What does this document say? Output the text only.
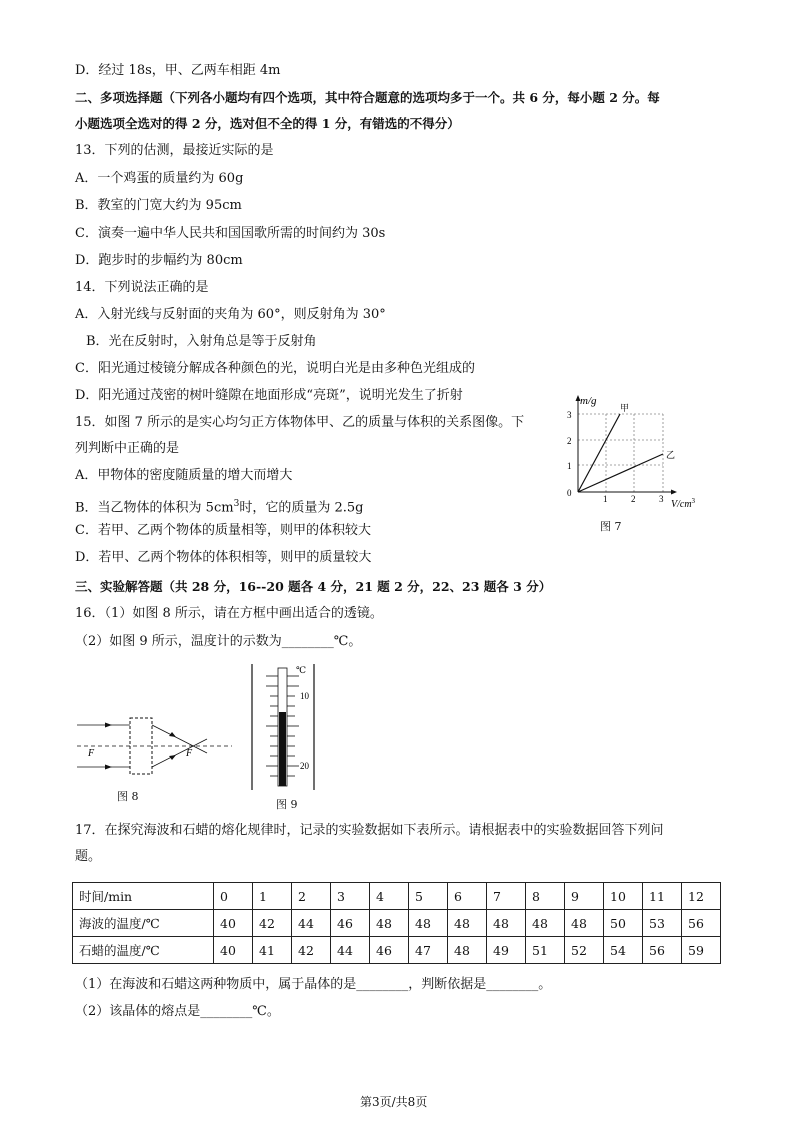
D．经过 18s，甲、乙两车相距 4m
二、多项选择题（下列各小题均有四个选项，其中符合题意的选项均多于一个。共 6 分，每小题 2 分。每
小题选项全选对的得 2 分，选对但不全的得 1 分，有错选的不得分）
13．下列的估测，最接近实际的是
A．一个鸡蛋的质量约为 60g
B．教室的门宽大约为 95cm
C．演奏一遍中华人民共和国国歌所需的时间约为 30s
D．跑步时的步幅约为 80cm
14．下列说法正确的是
A．入射光线与反射面的夹角为 60°，则反射角为 30°
B．光在反射时，入射角总是等于反射角
C．阳光通过棱镜分解成各种颜色的光，说明白光是由多种色光组成的
D．阳光通过茂密的树叶缝隙在地面形成“亮斑”，说明光发生了折射
15．如图 7 所示的是实心均匀正方体物体甲、乙的质量与体积的关系图像。下
列判断中正确的是
A．甲物体的密度随质量的增大而增大
B．当乙物体的体积为 $5cm^3$时，它的质量为 2.5g
C．若甲、乙两个物体的质量相等，则甲的体积较大
D．若甲、乙两个物体的体积相等，则甲的质量较大
三、实验解答题（共 28 分，16--20 题各 4 分，21 题 2 分，22、23 题各 3 分）
16．（1）如图 8 所示，请在方框中画出适合的透镜。
（2）如图 9 所示，温度计的示数为________℃。
17．在探究海波和石蜡的熔化规律时，记录的实验数据如下表所示。请根据表中的实验数据回答下列问
题。
（1）在海波和石蜡这两种物质中，属于晶体的是________，判断依据是________。
（2）该晶体的熔点是________℃。
m/g
3
2
1
0
1	2	3 $V/cm^3$
甲
乙
图 7
F	F
图 8
℃
10
20
图 9
时间/min	0	1	2	3	4	5	6	7	8	9	10	11	12
海波的温度/℃	40	42	44	46	48	48	48	48	48	48	50	53	56
石蜡的温度/℃	40	41	42	44	46	47	48	49	51	52	54	56	59
第3页/共8页
